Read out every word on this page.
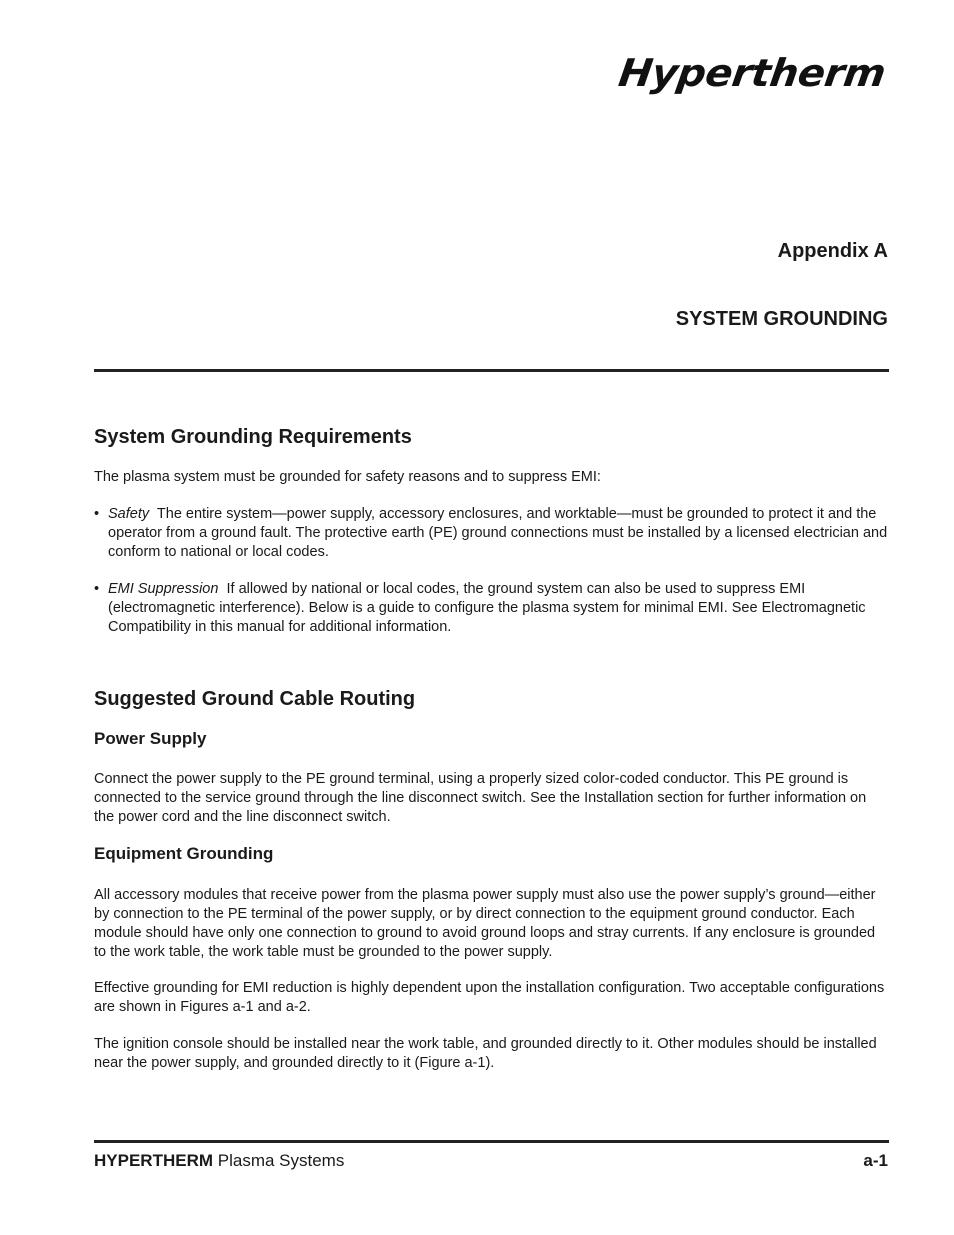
Hypertherm
Appendix A
SYSTEM GROUNDING
System Grounding Requirements

The plasma system must be grounded for safety reasons and to suppress EMI:

• Safety The entire system—power supply, accessory enclosures, and worktable—must be grounded to protect it and the operator from a ground fault. The protective earth (PE) ground connections must be installed by a licensed electrician and conform to national or local codes.
• EMI Suppression If allowed by national or local codes, the ground system can also be used to suppress EMI (electromagnetic interference). Below is a guide to configure the plasma system for minimal EMI. See Electromagnetic Compatibility in this manual for additional information.
Suggested Ground Cable Routing
Power Supply

Connect the power supply to the PE ground terminal, using a properly sized color-coded conductor. This PE ground is connected to the service ground through the line disconnect switch. See the Installation section for further information on the power cord and the line disconnect switch.

Equipment Grounding

All accessory modules that receive power from the plasma power supply must also use the power supply’s ground—either by connection to the PE terminal of the power supply, or by direct connection to the equipment ground conductor. Each module should have only one connection to ground to avoid ground loops and stray currents. If any enclosure is grounded to the work table, the work table must be grounded to the power supply.

Effective grounding for EMI reduction is highly dependent upon the installation configuration. Two acceptable configurations are shown in Figures a-1 and a-2.

The ignition console should be installed near the work table, and grounded directly to it. Other modules should be installed near the power supply, and grounded directly to it (Figure a-1).

HYPERTHERM Plasma Systems	a-1
